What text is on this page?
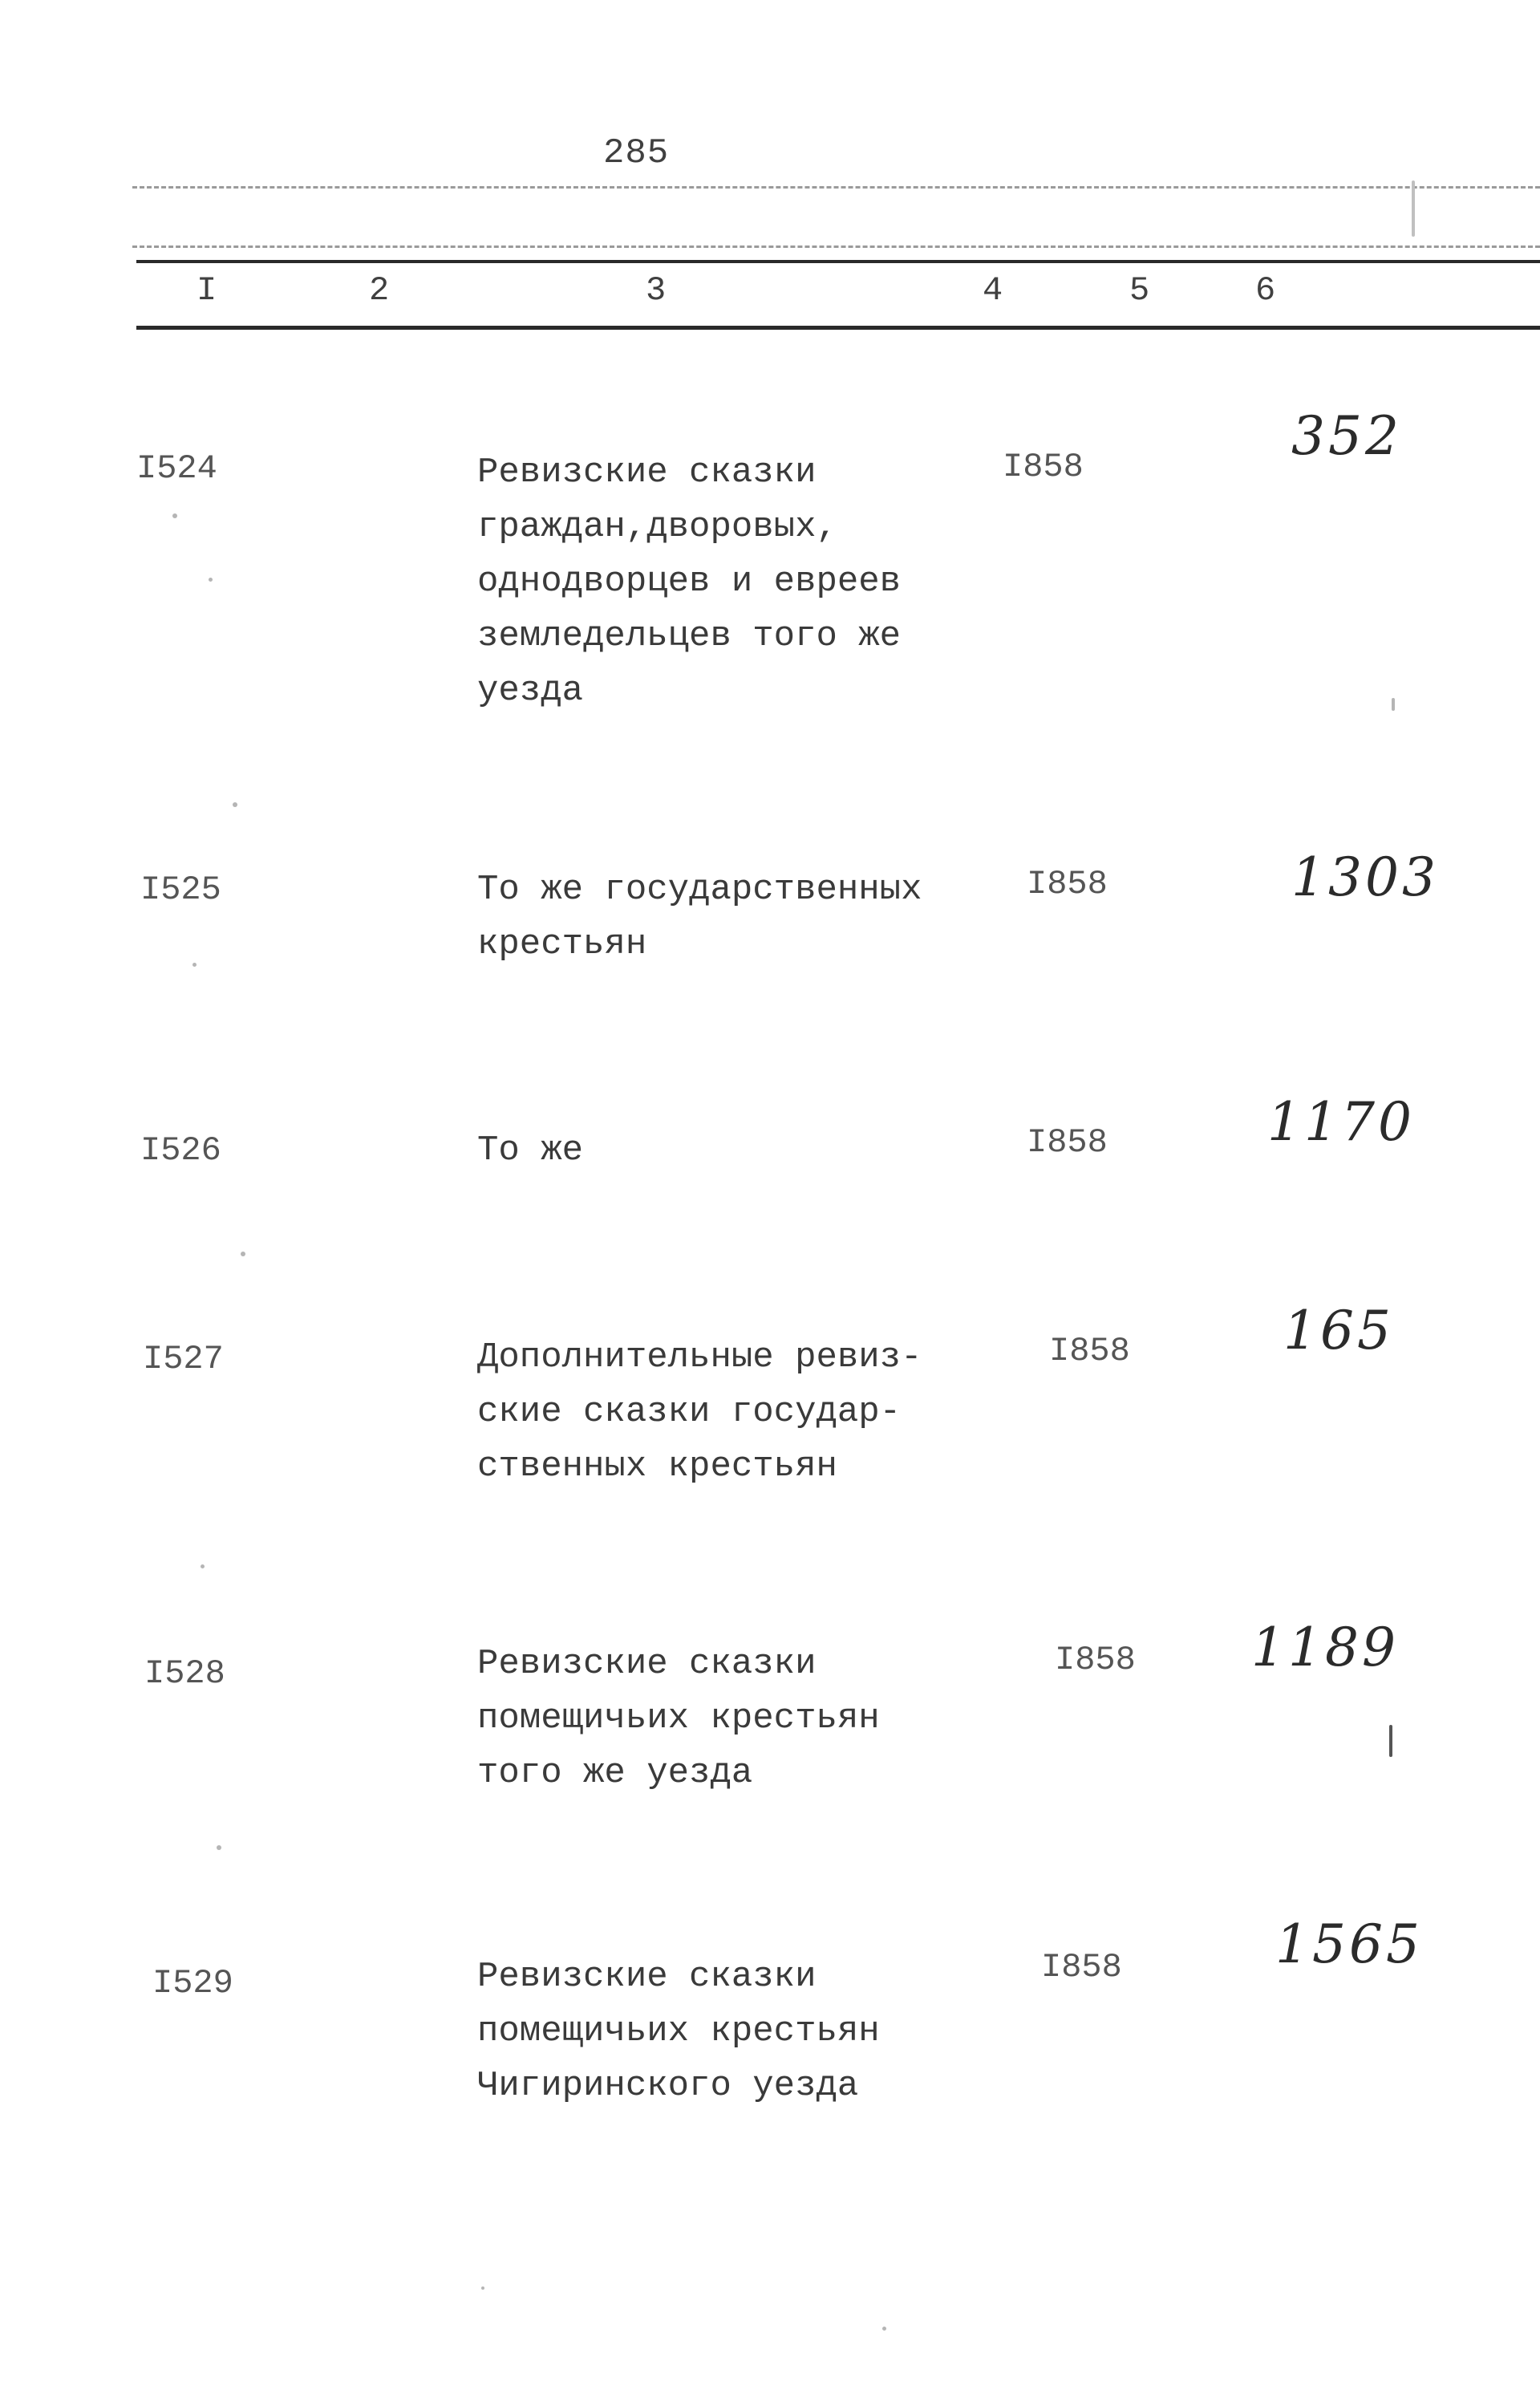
285
I	2	3	4	5	6
I524	Ревизские сказки
граждан,дворовых,
однодворцев и евреев
земледельцев того же
уезда
I858	352
I525	То же государственных
крестьян
I858	1303
I526	То же	I858	1170
I527	Дополнительные ревиз-
ские сказки государ-
ственных крестьян
I858	165
I528	Ревизские сказки
помещичьих крестьян
того же уезда
I858 1189
I529	Ревизские сказки
помещичьих крестьян
Чигиринского уезда
I858	1565
